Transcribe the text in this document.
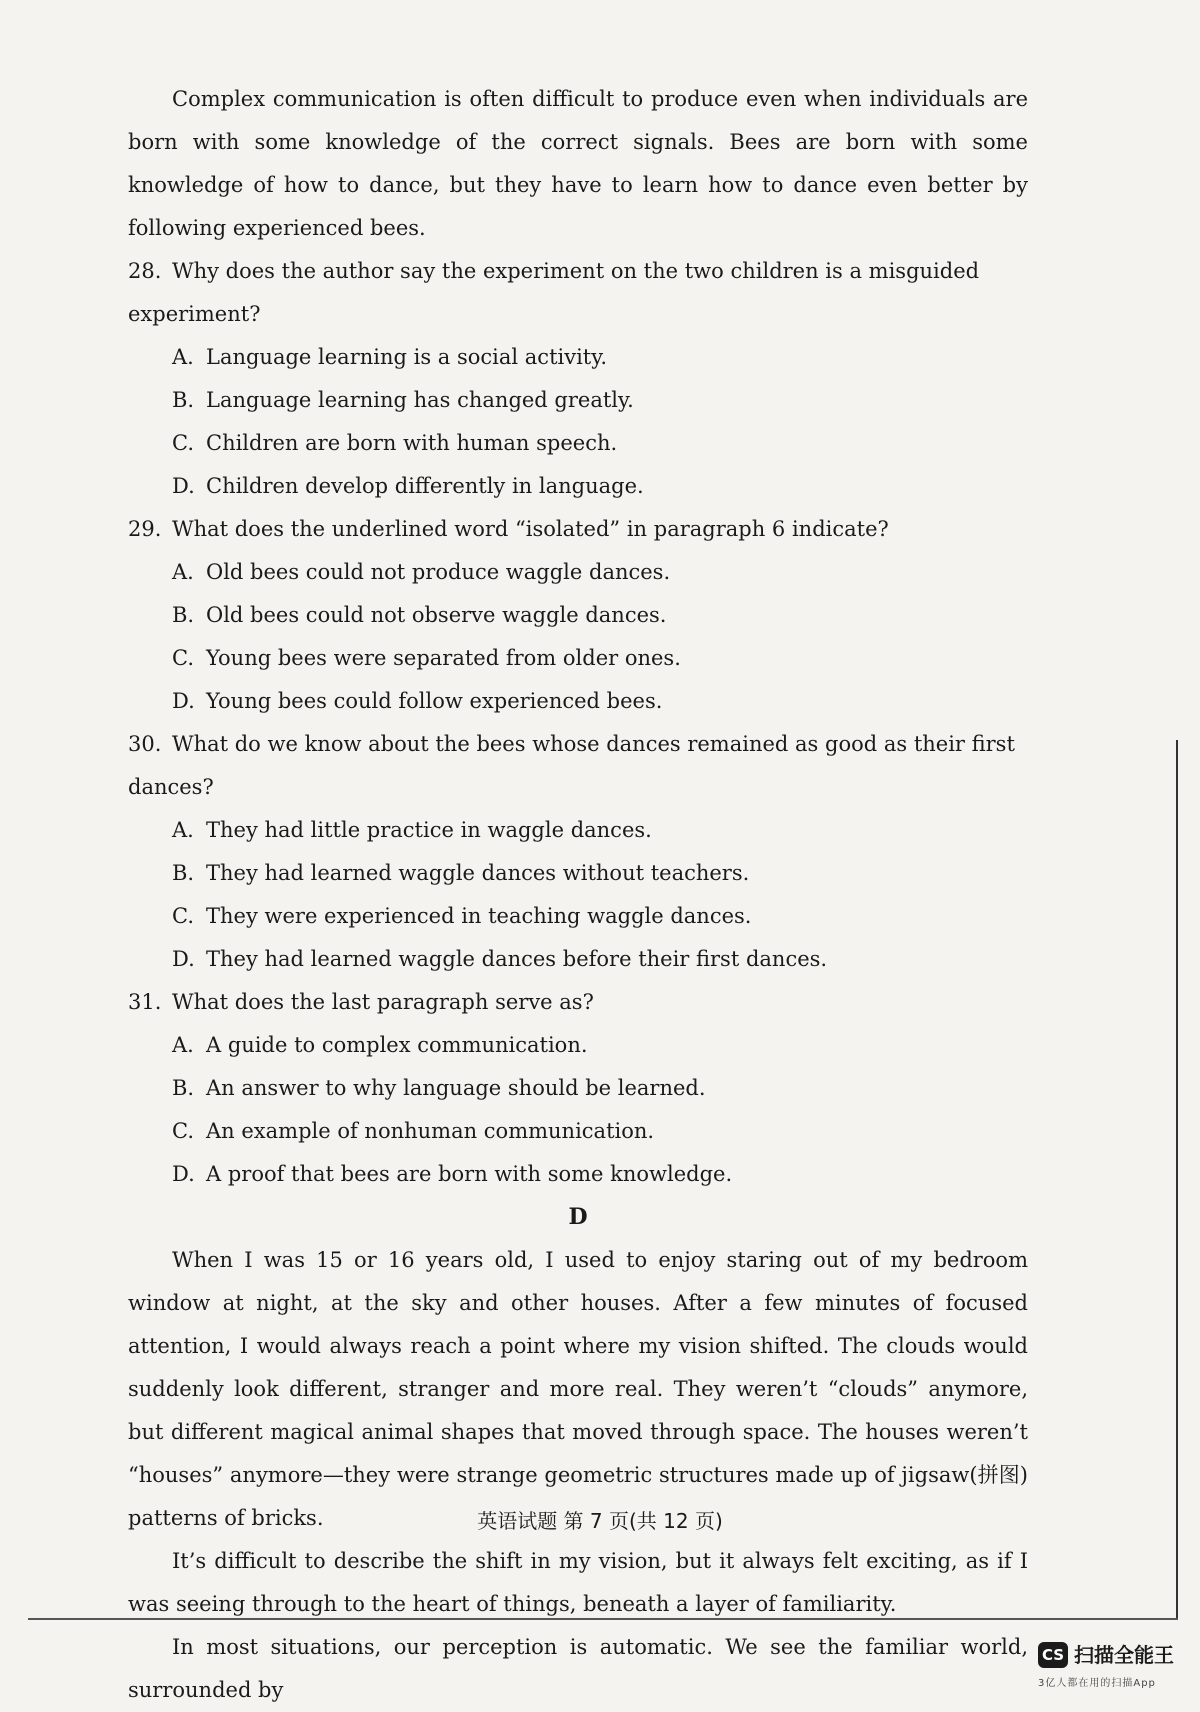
Complex communication is often difficult to produce even when individuals are born with some knowledge of the correct signals. Bees are born with some knowledge of how to dance, but they have to learn how to dance even better by following experienced bees.

28. Why does the author say the experiment on the two children is a misguided experiment?

A. Language learning is a social activity.

B. Language learning has changed greatly.

C. Children are born with human speech.

D. Children develop differently in language.

29. What does the underlined word “isolated” in paragraph 6 indicate?

A. Old bees could not produce waggle dances.

B. Old bees could not observe waggle dances.

C. Young bees were separated from older ones.

D. Young bees could follow experienced bees.

30. What do we know about the bees whose dances remained as good as their first dances?

A. They had little practice in waggle dances.

B. They had learned waggle dances without teachers.

C. They were experienced in teaching waggle dances.

D. They had learned waggle dances before their first dances.

31. What does the last paragraph serve as?

A. A guide to complex communication.

B. An answer to why language should be learned.

C. An example of nonhuman communication.

D. A proof that bees are born with some knowledge.

D

When I was 15 or 16 years old, I used to enjoy staring out of my bedroom window at night, at the sky and other houses. After a few minutes of focused attention, I would always reach a point where my vision shifted. The clouds would suddenly look different, stranger and more real. They weren’t “clouds” anymore, but different magical animal shapes that moved through space. The houses weren’t “houses” anymore—they were strange geometric structures made up of jigsaw(拼图) patterns of bricks.

It’s difficult to describe the shift in my vision, but it always felt exciting, as if I was seeing through to the heart of things, beneath a layer of familiarity.

In most situations, our perception is automatic. We see the familiar world, surrounded by

英语试题 第 7 页(共 12 页)
CS 扫描全能王
3亿人都在用的扫描App
